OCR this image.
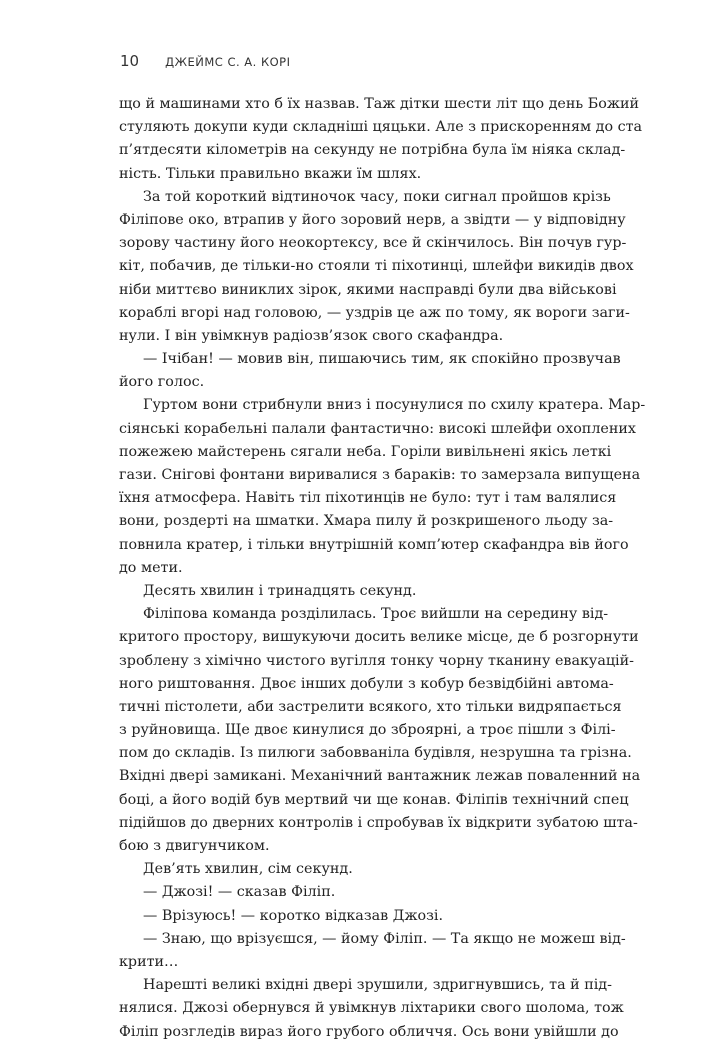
10 ДЖЕЙМС С. А. КОРІ
що й машинами хто б їх назвав. Таж дітки шести літ що день Божий
стуляють докупи куди складніші цяцьки. Але з прискоренням до ста
п’ятдесяти кілометрів на секунду не потрібна була їм ніяка склад-
ність. Тільки правильно вкажи їм шлях.
За той короткий відтиночок часу, поки сигнал пройшов крізь
Філіпове око, втрапив у його зоровий нерв, а звідти — у відповідну
зорову частину його неокортексу, все й скінчилось. Він почув гур-
кіт, побачив, де тільки-но стояли ті піхотинці, шлейфи викидів двох
ніби миттєво виниклих зірок, якими насправді були два військові
кораблі вгорі над головою, — уздрів це аж по тому, як вороги заги-
нули. І він увімкнув радіозв’язок свого скафандра.
— Ічібан! — мовив він, пишаючись тим, як спокійно прозвучав
його голос.
Гуртом вони стрибнули вниз і посунулися по схилу кратера. Мар-
сіянські корабельні палали фантастично: високі шлейфи охоплених
пожежею майстерень сягали неба. Горіли вивільнені якісь леткі
гази. Снігові фонтани виривалися з бараків: то замерзала випущена
їхня атмосфера. Навіть тіл піхотинців не було: тут і там валялися
вони, роздерті на шматки. Хмара пилу й розкришеного льоду за-
повнила кратер, і тільки внутрішній комп’ютер скафандра вів його
до мети.
Десять хвилин і тринадцять секунд.
Філіпова команда розділилась. Троє вийшли на середину від-
критого простору, вишукуючи досить велике місце, де б розгорнути
зроблену з хімічно чистого вугілля тонку чорну тканину евакуацій-
ного риштовання. Двоє інших добули з кобур безвідбійні автома-
тичні пістолети, аби застрелити всякого, хто тільки видряпається
з руйновища. Ще двоє кинулися до зброярні, а троє пішли з Філі-
пом до складів. Із пилюги забовваніла будівля, незрушна та грізна.
Вхідні двері замикані. Механічний вантажник лежав поваленний на
боці, а його водій був мертвий чи ще конав. Філіпів технічний спец
підійшов до дверних контролів і спробував їх відкрити зубатою шта-
бою з двигунчиком.
Дев’ять хвилин, сім секунд.
— Джозі! — сказав Філіп.
— Врізуюсь! — коротко відказав Джозі.
— Знаю, що врізуєшся, — йому Філіп. — Та якщо не можеш від-
крити…
Нарешті великі вхідні двері зрушили, здригнувшись, та й під-
нялися. Джозі обернувся й увімкнув ліхтарики свого шолома, тож
Філіп розгледів вираз його грубого обличчя. Ось вони увійшли до
